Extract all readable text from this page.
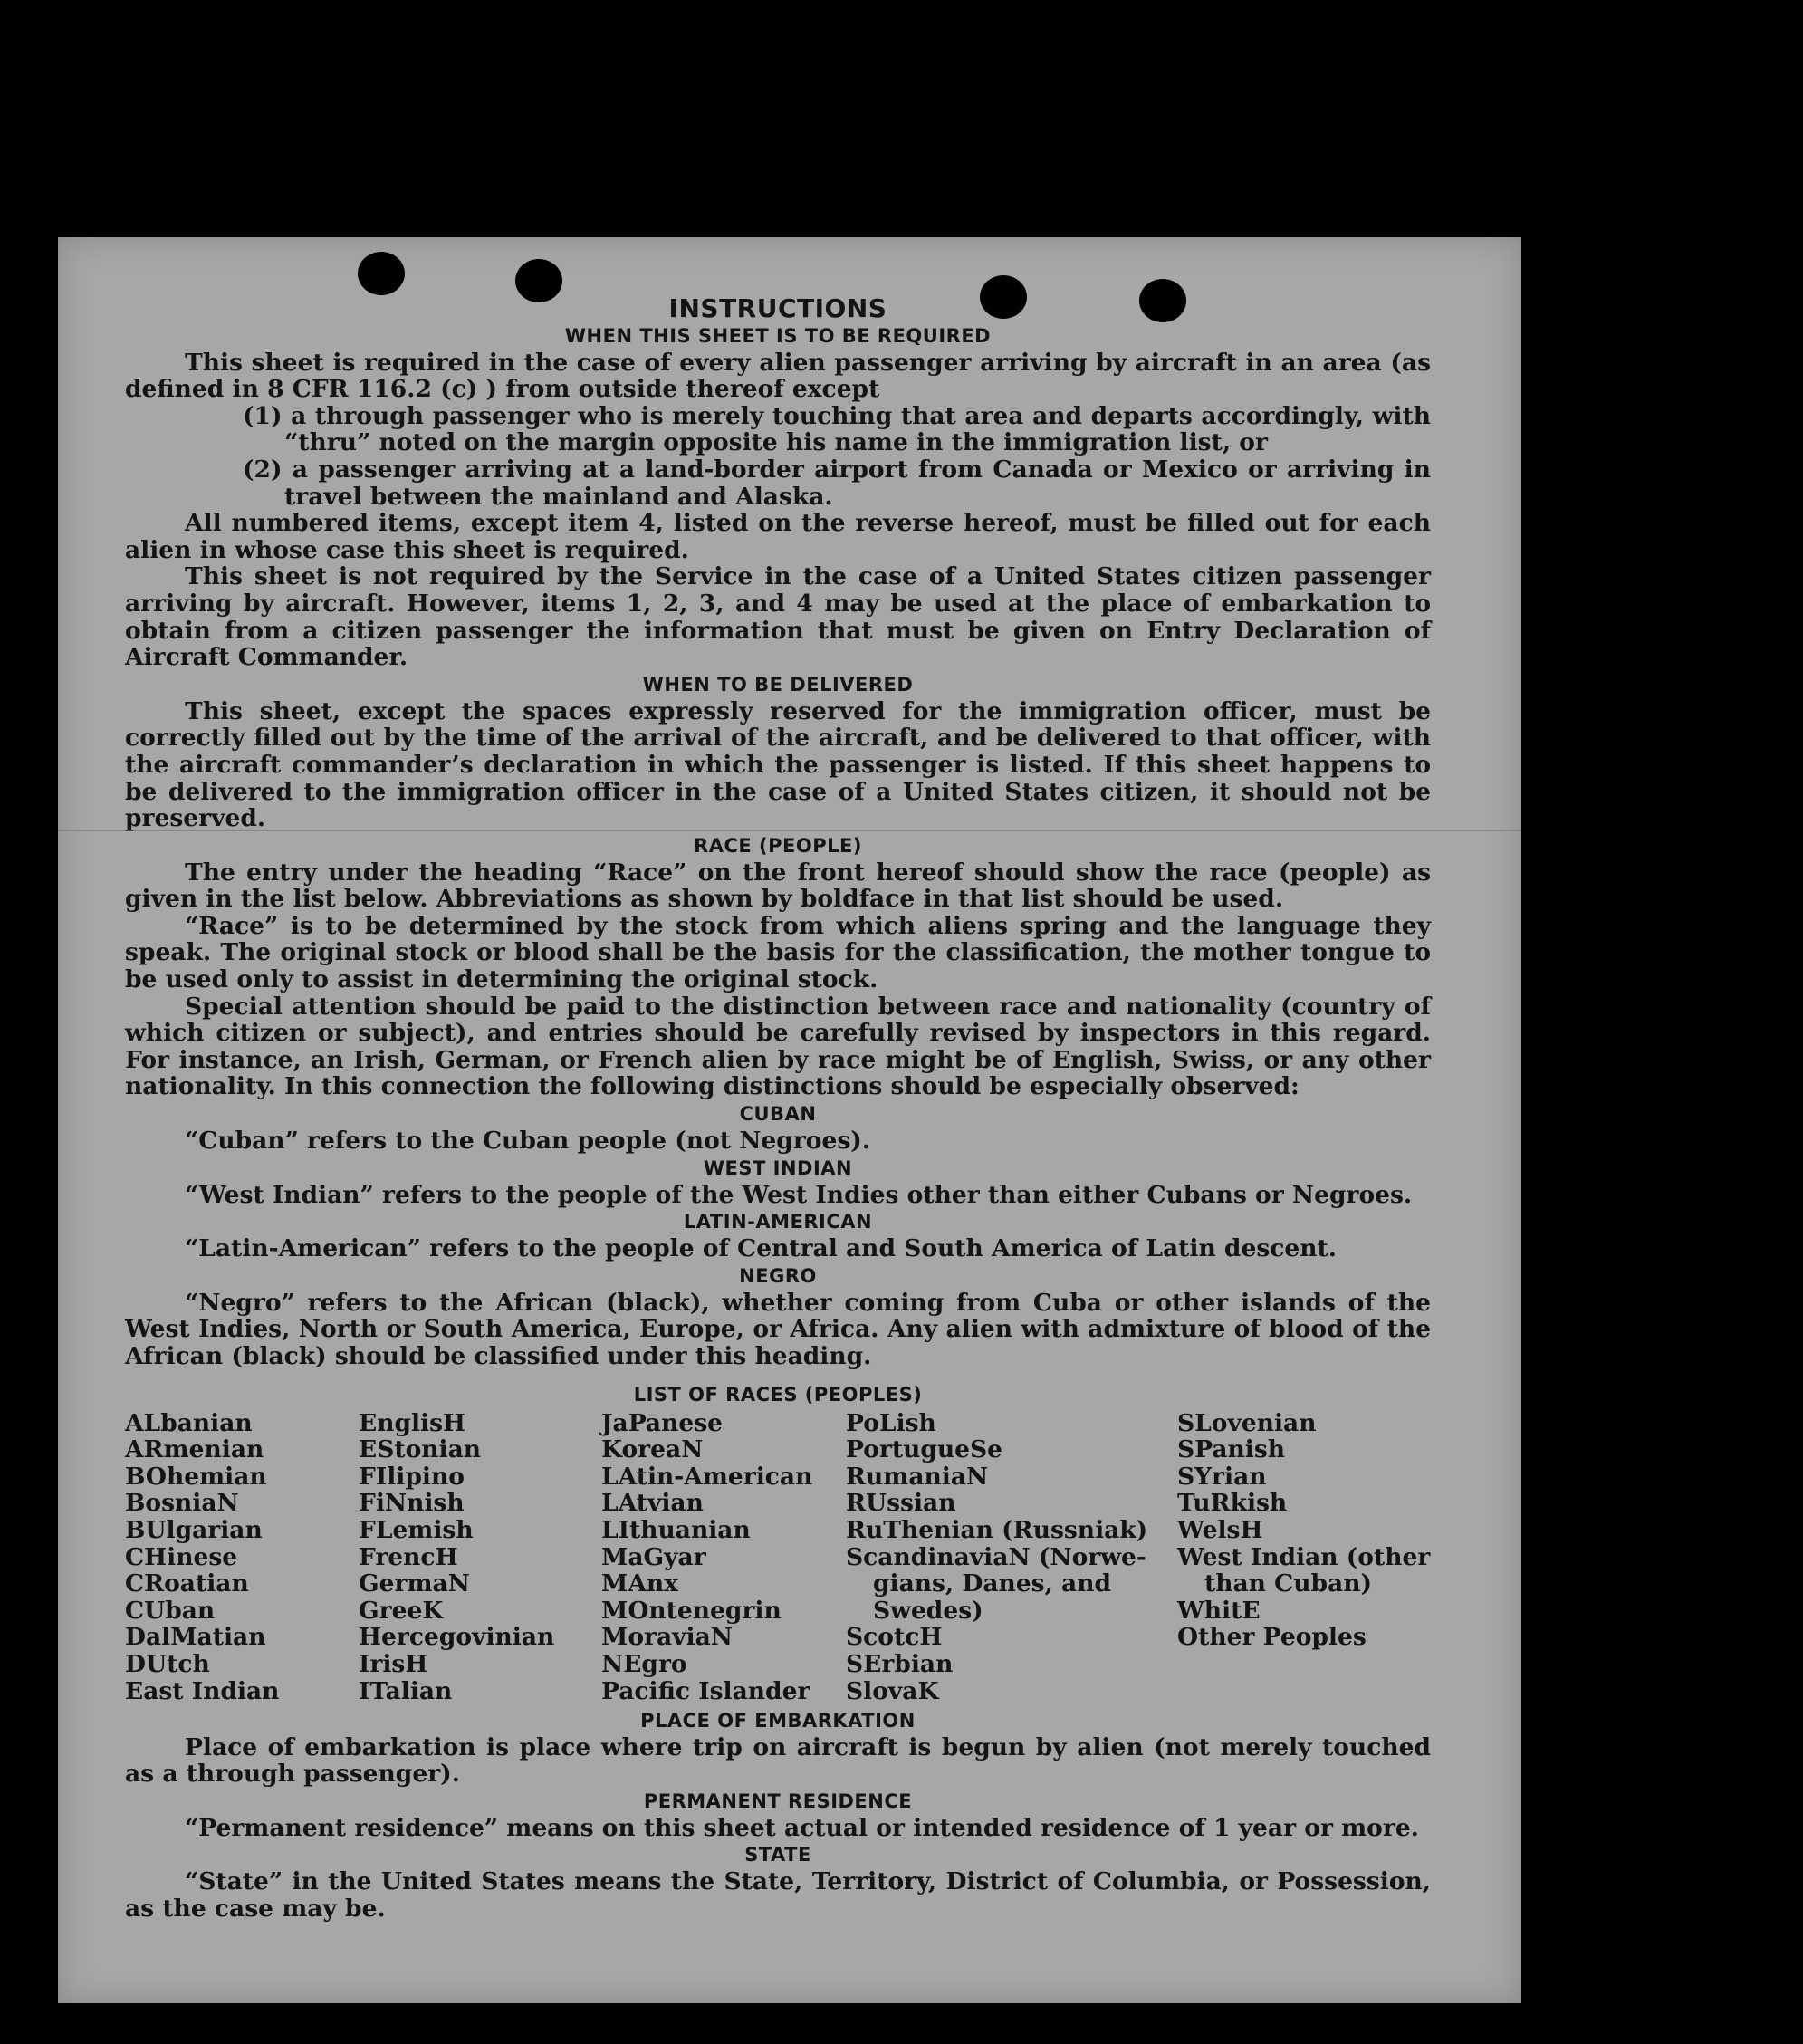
INSTRUCTIONS
WHEN THIS SHEET IS TO BE REQUIRED

This sheet is required in the case of every alien passenger arriving by aircraft in an area (as defined in 8 CFR 116.2 (c) ) from outside thereof except

(1) a through passenger who is merely touching that area and departs accordingly, with “thru” noted on the margin opposite his name in the immigration list, or

(2) a passenger arriving at a land-border airport from Canada or Mexico or arriving in travel between the mainland and Alaska.

All numbered items, except item 4, listed on the reverse hereof, must be filled out for each alien in whose case this sheet is required.

This sheet is not required by the Service in the case of a United States citizen passenger arriving by aircraft. However, items 1, 2, 3, and 4 may be used at the place of embarkation to obtain from a citizen passenger the information that must be given on Entry Declaration of Aircraft Commander.

WHEN TO BE DELIVERED

This sheet, except the spaces expressly reserved for the immigration officer, must be correctly filled out by the time of the arrival of the aircraft, and be delivered to that officer, with the aircraft commander’s declaration in which the passenger is listed. If this sheet happens to be delivered to the immigration officer in the case of a United States citizen, it should not be preserved.

RACE (PEOPLE)

The entry under the heading “Race” on the front hereof should show the race (people) as given in the list below. Abbreviations as shown by boldface in that list should be used.

“Race” is to be determined by the stock from which aliens spring and the language they speak. The original stock or blood shall be the basis for the classification, the mother tongue to be used only to assist in determining the original stock.

Special attention should be paid to the distinction between race and nationality (country of which citizen or subject), and entries should be carefully revised by inspectors in this regard. For instance, an Irish, German, or French alien by race might be of English, Swiss, or any other nationality. In this connection the following distinctions should be especially observed:

CUBAN

“Cuban” refers to the Cuban people (not Negroes).

WEST INDIAN

“West Indian” refers to the people of the West Indies other than either Cubans or Negroes.

LATIN-AMERICAN

“Latin-American” refers to the people of Central and South America of Latin descent.

NEGRO

“Negro” refers to the African (black), whether coming from Cuba or other islands of the West Indies, North or South America, Europe, or Africa. Any alien with admixture of blood of the African (black) should be classified under this heading.

LIST OF RACES (PEOPLES)
ALbanian
ARmenian
BOhemian
BosniaN
BUlgarian
CHinese
CRoatian
CUban
DalMatian
DUtch
East Indian
EnglisH
EStonian
FIlipino
FiNnish
FLemish
FrencH
GermaN
GreeK
Hercegovinian
IrisH
ITalian
JaPanese
KoreaN
LAtin-American
LAtvian
LIthuanian
MaGyar
MAnx
MOntenegrin
MoraviaN
NEgro
Pacific Islander
PoLish
PortugueSe
RumaniaN
RUssian
RuThenian (Russniak)
ScandinaviaN (Norwe-
gians, Danes, and
Swedes)
ScotcH
SErbian
SlovaK
SLovenian
SPanish
SYrian
TuRkish
WelsH
West Indian (other
than Cuban)
WhitE
Other Peoples
PLACE OF EMBARKATION

Place of embarkation is place where trip on aircraft is begun by alien (not merely touched as a through passenger).

PERMANENT RESIDENCE

“Permanent residence” means on this sheet actual or intended residence of 1 year or more.

STATE

“State” in the United States means the State, Territory, District of Columbia, or Possession, as the case may be.
